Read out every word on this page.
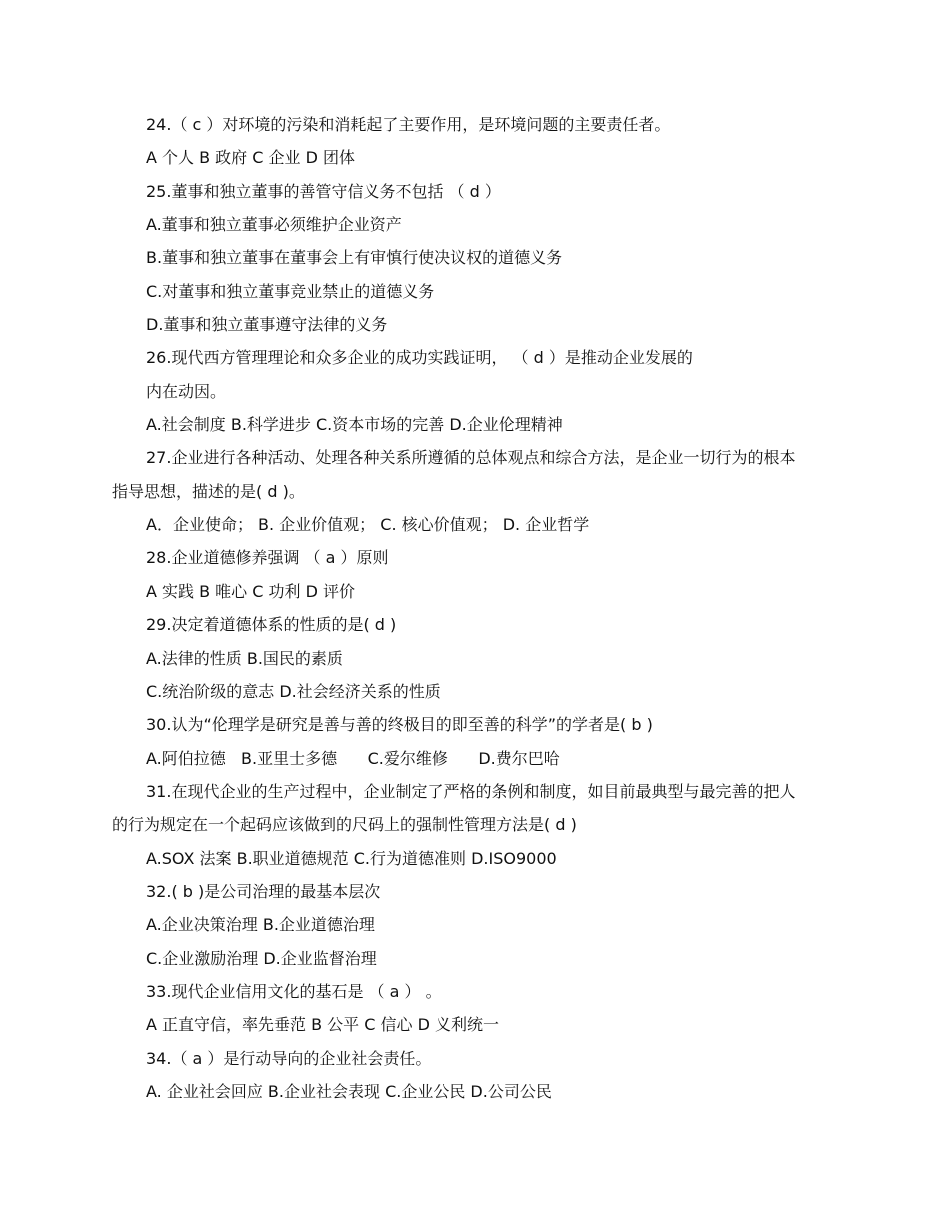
24.（ c ）对环境的污染和消耗起了主要作用，是环境问题的主要责任者。
A 个人 B 政府 C 企业 D 团体
25.董事和独立董事的善管守信义务不包括 （ d ）
A.董事和独立董事必须维护企业资产
B.董事和独立董事在董事会上有审慎行使决议权的道德义务
C.对董事和独立董事竞业禁止的道德义务
D.董事和独立董事遵守法律的义务
26.现代西方管理理论和众多企业的成功实践证明， （ d ）是推动企业发展的
内在动因。
A.社会制度 B.科学进步 C.资本市场的完善 D.企业伦理精神
27.企业进行各种活动、处理各种关系所遵循的总体观点和综合方法，是企业一切行为的根本
指导思想，描述的是( d )。
A．企业使命； B. 企业价值观； C. 核心价值观； D. 企业哲学
28.企业道德修养强调 （ a ）原则
A 实践 B 唯心 C 功利 D 评价
29.决定着道德体系的性质的是( d )
A.法律的性质 B.国民的素质
C.统治阶级的意志 D.社会经济关系的性质
30.认为“伦理学是研究是善与善的终极目的即至善的科学”的学者是( b )
A.阿伯拉德   B.亚里士多德      C.爱尔维修      D.费尔巴哈
31.在现代企业的生产过程中，企业制定了严格的条例和制度，如目前最典型与最完善的把人
的行为规定在一个起码应该做到的尺码上的强制性管理方法是( d )
A.SOX 法案 B.职业道德规范 C.行为道德准则 D.ISO9000
32.( b )是公司治理的最基本层次
A.企业决策治理 B.企业道德治理
C.企业激励治理 D.企业监督治理
33.现代企业信用文化的基石是 （ a ） 。
A 正直守信，率先垂范 B 公平 C 信心 D 义利统一
34.（ a ）是行动导向的企业社会责任。
A. 企业社会回应 B.企业社会表现 C.企业公民 D.公司公民
